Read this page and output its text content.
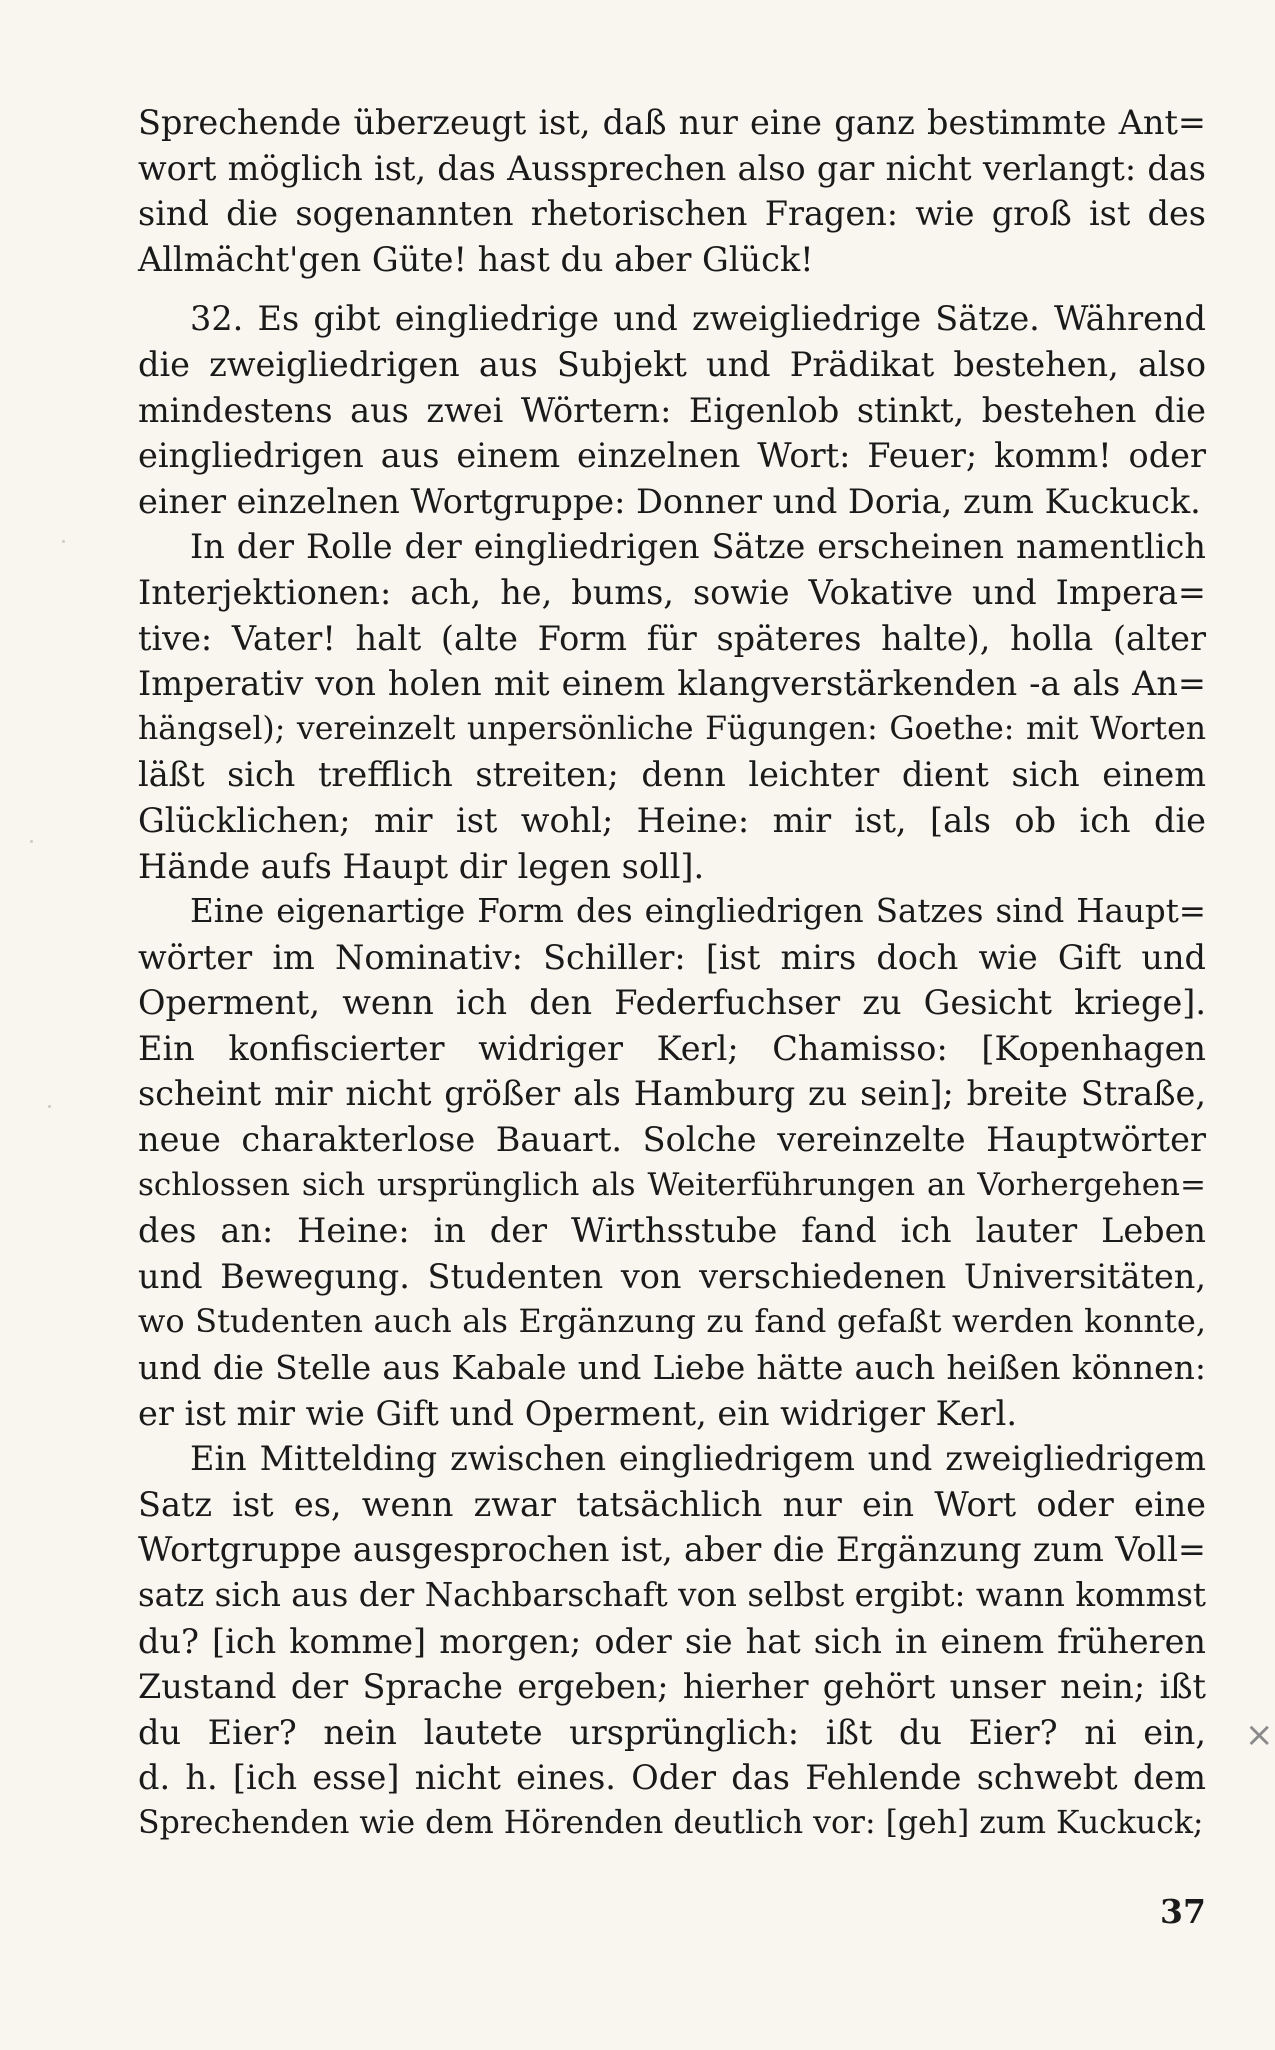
Sprechende überzeugt ist, daß nur eine ganz bestimmte Ant=
wort möglich ist, das Aussprechen also gar nicht verlangt: das
sind die sogenannten rhetorischen Fragen: wie groß ist des
Allmächt'gen Güte! hast du aber Glück!
32. Es gibt eingliedrige und zweigliedrige Sätze. Während
die zweigliedrigen aus Subjekt und Prädikat bestehen, also
mindestens aus zwei Wörtern: Eigenlob stinkt, bestehen die
eingliedrigen aus einem einzelnen Wort: Feuer; komm! oder
einer einzelnen Wortgruppe: Donner und Doria, zum Kuckuck.
In der Rolle der eingliedrigen Sätze erscheinen namentlich
Interjektionen: ach, he, bums, sowie Vokative und Impera=
tive: Vater! halt (alte Form für späteres halte), holla (alter
Imperativ von holen mit einem klangverstärkenden -a als An=
hängsel); vereinzelt unpersönliche Fügungen: Goethe: mit Worten
läßt sich trefflich streiten; denn leichter dient sich einem
Glücklichen; mir ist wohl; Heine: mir ist, [als ob ich die
Hände aufs Haupt dir legen soll].
Eine eigenartige Form des eingliedrigen Satzes sind Haupt=
wörter im Nominativ: Schiller: [ist mirs doch wie Gift und
Operment, wenn ich den Federfuchser zu Gesicht kriege].
Ein konfiscierter widriger Kerl; Chamisso: [Kopenhagen
scheint mir nicht größer als Hamburg zu sein]; breite Straße,
neue charakterlose Bauart. Solche vereinzelte Hauptwörter
schlossen sich ursprünglich als Weiterführungen an Vorhergehen=
des an: Heine: in der Wirthsstube fand ich lauter Leben
und Bewegung. Studenten von verschiedenen Universitäten,
wo Studenten auch als Ergänzung zu fand gefaßt werden konnte,
und die Stelle aus Kabale und Liebe hätte auch heißen können:
er ist mir wie Gift und Operment, ein widriger Kerl.
Ein Mittelding zwischen eingliedrigem und zweigliedrigem
Satz ist es, wenn zwar tatsächlich nur ein Wort oder eine
Wortgruppe ausgesprochen ist, aber die Ergänzung zum Voll=
satz sich aus der Nachbarschaft von selbst ergibt: wann kommst
du? [ich komme] morgen; oder sie hat sich in einem früheren
Zustand der Sprache ergeben; hierher gehört unser nein; ißt
du Eier? nein lautete ursprünglich: ißt du Eier? ni ein,
d. h. [ich esse] nicht eines. Oder das Fehlende schwebt dem
Sprechenden wie dem Hörenden deutlich vor: [geh] zum Kuckuck;
×
37
